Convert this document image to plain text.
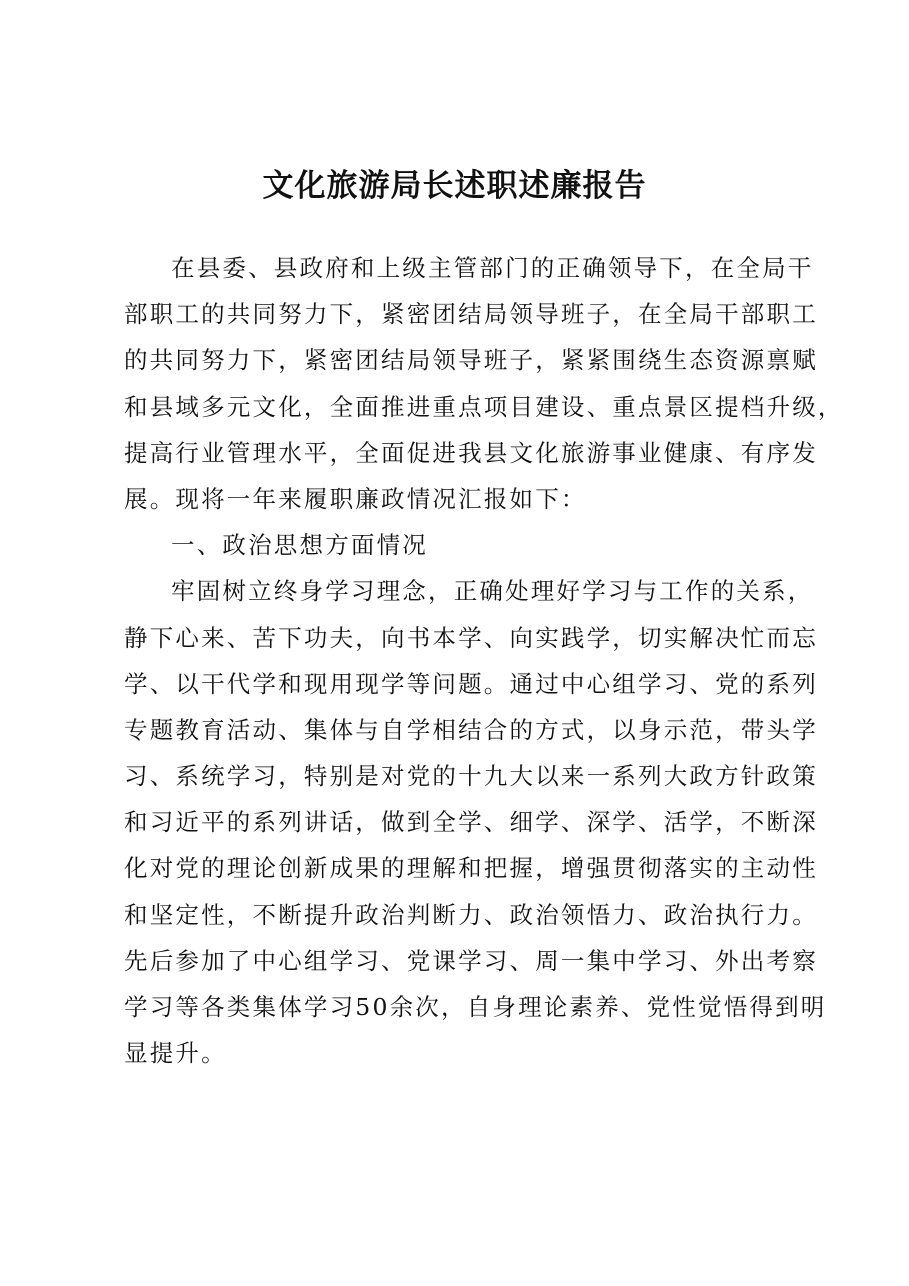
文化旅游局长述职述廉报告
在县委、县政府和上级主管部门的正确领导下，在全局干
部职工的共同努力下，紧密团结局领导班子，在全局干部职工
的共同努力下，紧密团结局领导班子，紧紧围绕生态资源禀赋
和县域多元文化，全面推进重点项目建设、重点景区提档升级，
提高行业管理水平，全面促进我县文化旅游事业健康、有序发
展。现将一年来履职廉政情况汇报如下：
一、政治思想方面情况
牢固树立终身学习理念，正确处理好学习与工作的关系，
静下心来、苦下功夫，向书本学、向实践学，切实解决忙而忘
学、以干代学和现用现学等问题。通过中心组学习、党的系列
专题教育活动、集体与自学相结合的方式，以身示范，带头学
习、系统学习，特别是对党的十九大以来一系列大政方针政策
和习近平的系列讲话，做到全学、细学、深学、活学，不断深
化对党的理论创新成果的理解和把握，增强贯彻落实的主动性
和坚定性，不断提升政治判断力、政治领悟力、政治执行力。
先后参加了中心组学习、党课学习、周一集中学习、外出考察
学习等各类集体学习50余次，自身理论素养、党性觉悟得到明
显提升。
